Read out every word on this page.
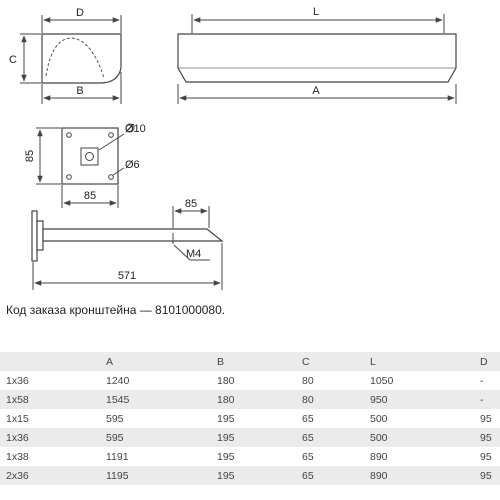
D
C
B
L
A
Ø10
Ø6
85
85
85
M4
571
Код заказа кронштейна — 8101000080.
	A	B	C	L	D
1x36	1240	180	80	1050	-
1x58	1545	180	80	950	-
1x15	595	195	65	500	95
1x36	595	195	65	500	95
1x38	1191	195	65	890	95
2x36	1195	195	65	890	95
